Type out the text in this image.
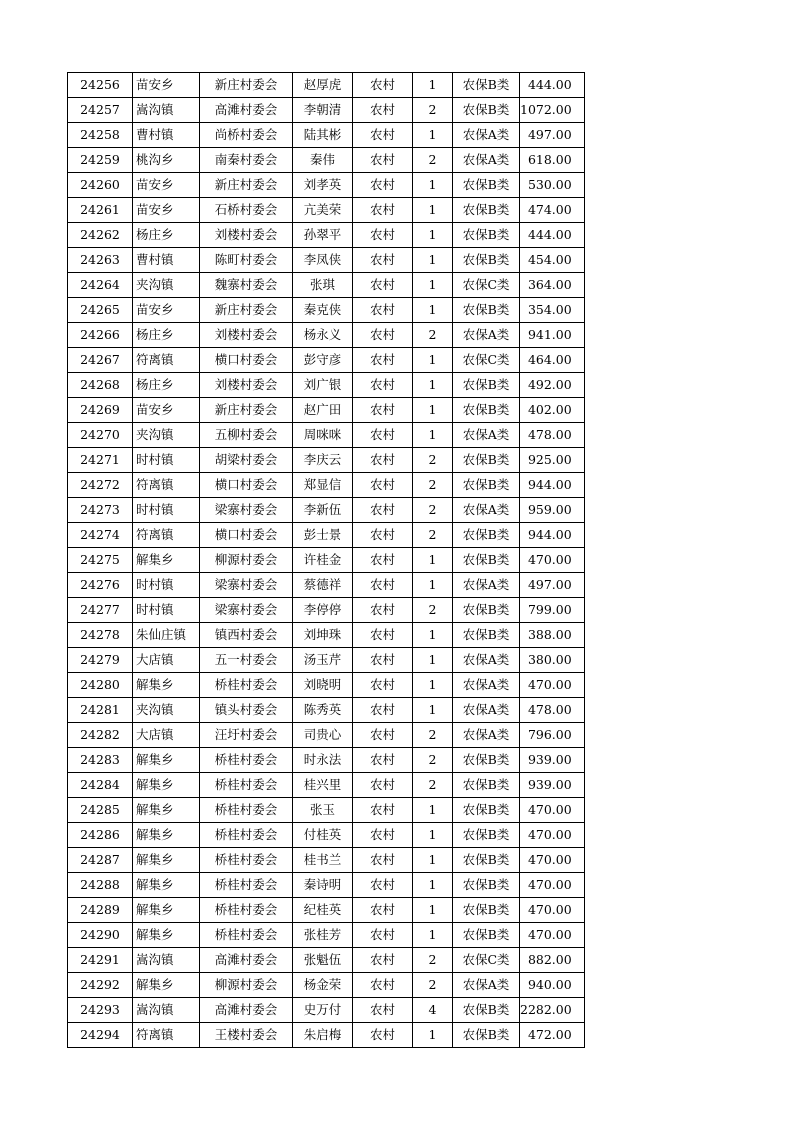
24256	苗安乡	新庄村委会	赵厚虎	农村	1	农保B类	444.00
24257	嵩沟镇	高滩村委会	李朝清	农村	2	农保B类	1072.00
24258	曹村镇	尚桥村委会	陆其彬	农村	1	农保A类	497.00
24259	桃沟乡	南秦村委会	秦伟	农村	2	农保A类	618.00
24260	苗安乡	新庄村委会	刘孝英	农村	1	农保B类	530.00
24261	苗安乡	石桥村委会	亢美荣	农村	1	农保B类	474.00
24262	杨庄乡	刘楼村委会	孙翠平	农村	1	农保B类	444.00
24263	曹村镇	陈町村委会	李凤侠	农村	1	农保B类	454.00
24264	夹沟镇	魏寨村委会	张琪	农村	1	农保C类	364.00
24265	苗安乡	新庄村委会	秦克侠	农村	1	农保B类	354.00
24266	杨庄乡	刘楼村委会	杨永义	农村	2	农保A类	941.00
24267	符离镇	横口村委会	彭守彦	农村	1	农保C类	464.00
24268	杨庄乡	刘楼村委会	刘广银	农村	1	农保B类	492.00
24269	苗安乡	新庄村委会	赵广田	农村	1	农保B类	402.00
24270	夹沟镇	五柳村委会	周咪咪	农村	1	农保A类	478.00
24271	时村镇	胡梁村委会	李庆云	农村	2	农保B类	925.00
24272	符离镇	横口村委会	郑显信	农村	2	农保B类	944.00
24273	时村镇	梁寨村委会	李新伍	农村	2	农保A类	959.00
24274	符离镇	横口村委会	彭士景	农村	2	农保B类	944.00
24275	解集乡	柳源村委会	许桂金	农村	1	农保B类	470.00
24276	时村镇	梁寨村委会	蔡德祥	农村	1	农保A类	497.00
24277	时村镇	梁寨村委会	李停停	农村	2	农保B类	799.00
24278	朱仙庄镇	镇西村委会	刘坤珠	农村	1	农保B类	388.00
24279	大店镇	五一村委会	汤玉芹	农村	1	农保A类	380.00
24280	解集乡	桥桂村委会	刘晓明	农村	1	农保A类	470.00
24281	夹沟镇	镇头村委会	陈秀英	农村	1	农保A类	478.00
24282	大店镇	汪圩村委会	司贵心	农村	2	农保A类	796.00
24283	解集乡	桥桂村委会	时永法	农村	2	农保B类	939.00
24284	解集乡	桥桂村委会	桂兴里	农村	2	农保B类	939.00
24285	解集乡	桥桂村委会	张玉	农村	1	农保B类	470.00
24286	解集乡	桥桂村委会	付桂英	农村	1	农保B类	470.00
24287	解集乡	桥桂村委会	桂书兰	农村	1	农保B类	470.00
24288	解集乡	桥桂村委会	秦诗明	农村	1	农保B类	470.00
24289	解集乡	桥桂村委会	纪桂英	农村	1	农保B类	470.00
24290	解集乡	桥桂村委会	张桂芳	农村	1	农保B类	470.00
24291	嵩沟镇	高滩村委会	张魁伍	农村	2	农保C类	882.00
24292	解集乡	柳源村委会	杨金荣	农村	2	农保A类	940.00
24293	嵩沟镇	高滩村委会	史万付	农村	4	农保B类	2282.00
24294	符离镇	王楼村委会	朱启梅	农村	1	农保B类	472.00
